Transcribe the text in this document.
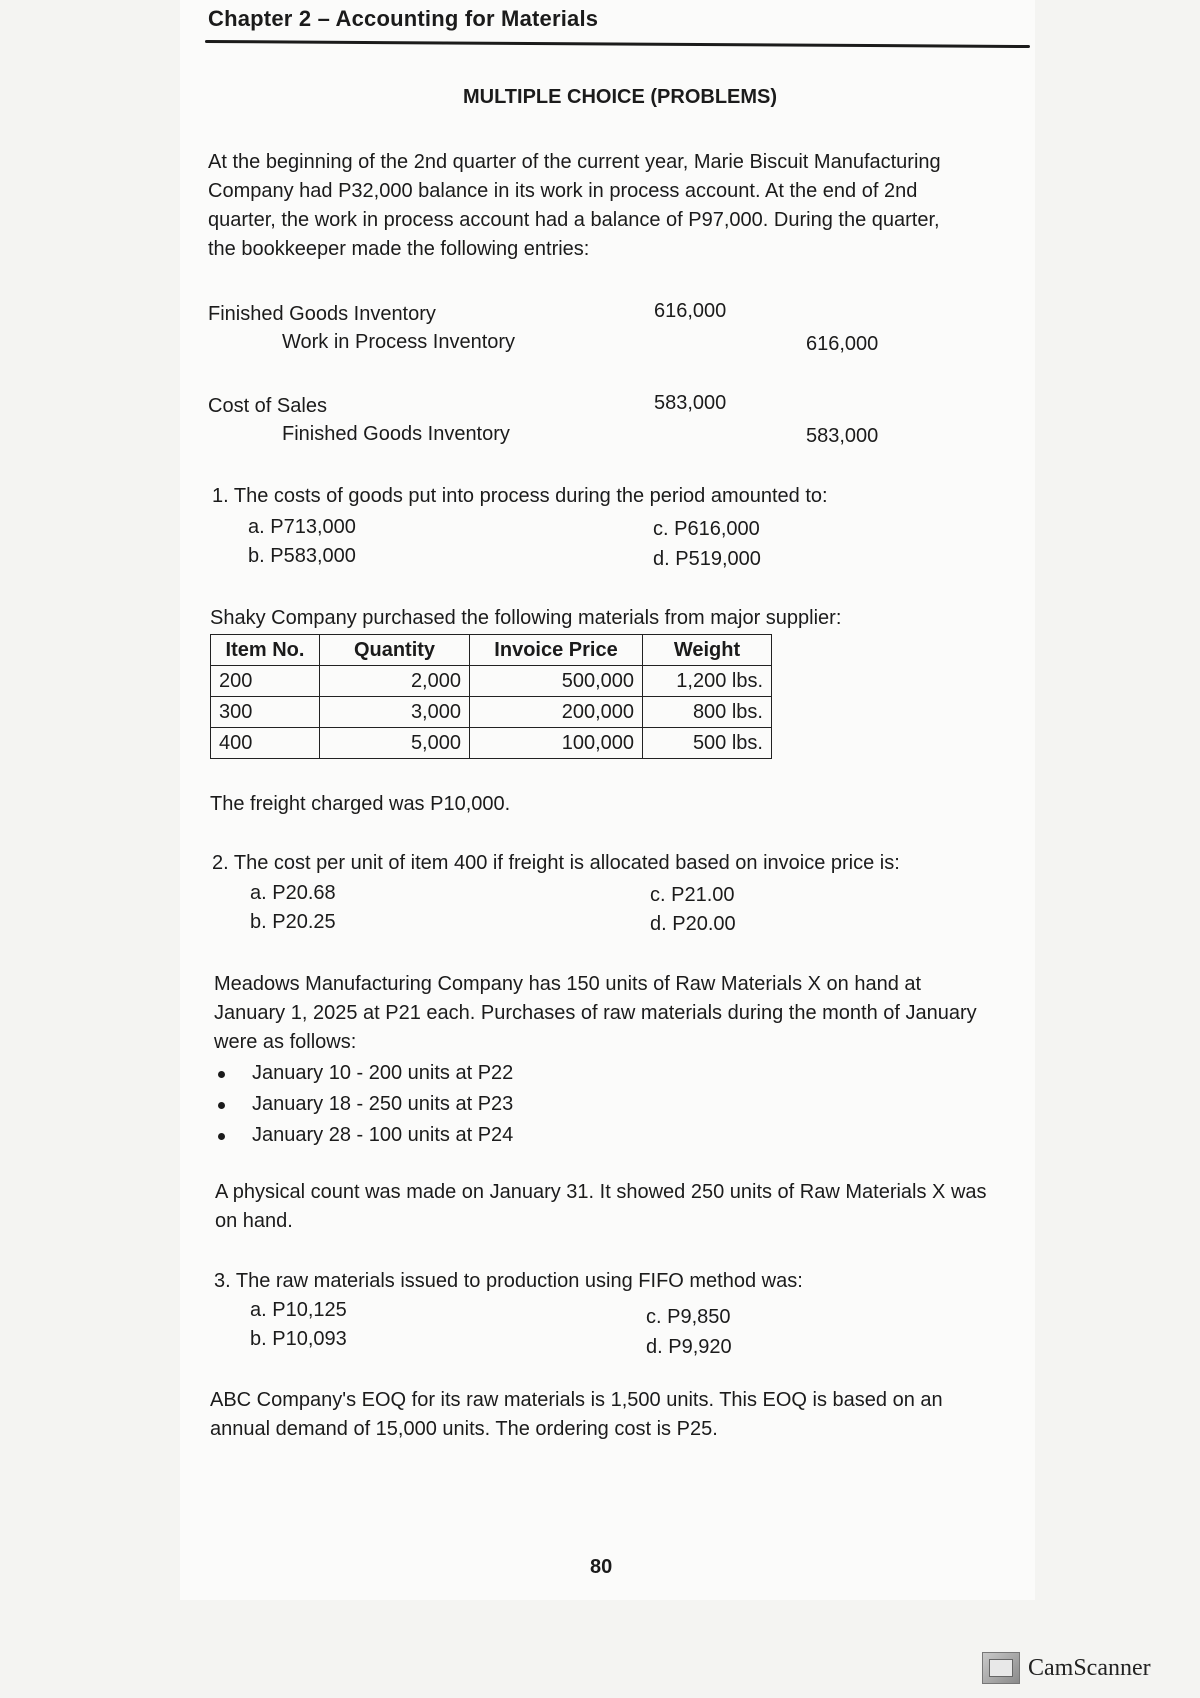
Chapter 2 – Accounting for Materials
MULTIPLE CHOICE (PROBLEMS)
At the beginning of the 2nd quarter of the current year, Marie Biscuit Manufacturing
Company had P32,000 balance in its work in process account. At the end of 2nd
quarter, the work in process account had a balance of P97,000. During the quarter,
the bookkeeper made the following entries:
Finished Goods Inventory	616,000
Work in Process Inventory	616,000
Cost of Sales	583,000
Finished Goods Inventory	583,000
1. The costs of goods put into process during the period amounted to:
a. P713,000
b. P583,000
c. P616,000
d. P519,000
Shaky Company purchased the following materials from major supplier:
Item No.	Quantity	Invoice Price	Weight
200	2,000	500,000	1,200 lbs.
300	3,000	200,000	800 lbs.
400	5,000	100,000	500 lbs.
The freight charged was P10,000.
2. The cost per unit of item 400 if freight is allocated based on invoice price is:
a. P20.68
b. P20.25
c. P21.00
d. P20.00
Meadows Manufacturing Company has 150 units of Raw Materials X on hand at
January 1, 2025 at P21 each. Purchases of raw materials during the month of January
were as follows:
January 10 - 200 units at P22
January 18 - 250 units at P23
January 28 - 100 units at P24
A physical count was made on January 31. It showed 250 units of Raw Materials X was
on hand.
3. The raw materials issued to production using FIFO method was:
a. P10,125
b. P10,093
c. P9,850
d. P9,920
ABC Company's EOQ for its raw materials is 1,500 units. This EOQ is based on an
annual demand of 15,000 units. The ordering cost is P25.
80
CamScanner
